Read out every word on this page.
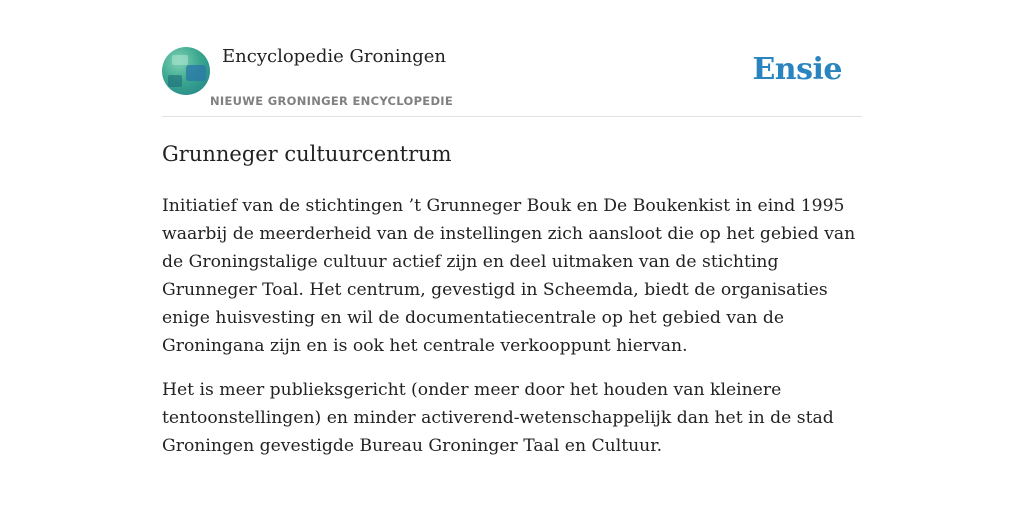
Encyclopedie Groningen
NIEUWE GRONINGER ENCYCLOPEDIE
Ensie
Grunneger cultuurcentrum

Initiatief van de stichtingen ’t Grunneger Bouk en De Boukenkist in eind 1995 waarbij de meerderheid van de instellingen zich aansloot die op het gebied van de Groningstalige cultuur actief zijn en deel uitmaken van de stichting Grunneger Toal. Het centrum, gevestigd in Scheemda, biedt de organisaties enige huisvesting en wil de documentatiecentrale op het gebied van de Groningana zijn en is ook het centrale verkooppunt hiervan.

Het is meer publieksgericht (onder meer door het houden van kleinere tentoonstellingen) en minder activerend-wetenschappelijk dan het in de stad Groningen gevestigde Bureau Groninger Taal en Cultuur.
